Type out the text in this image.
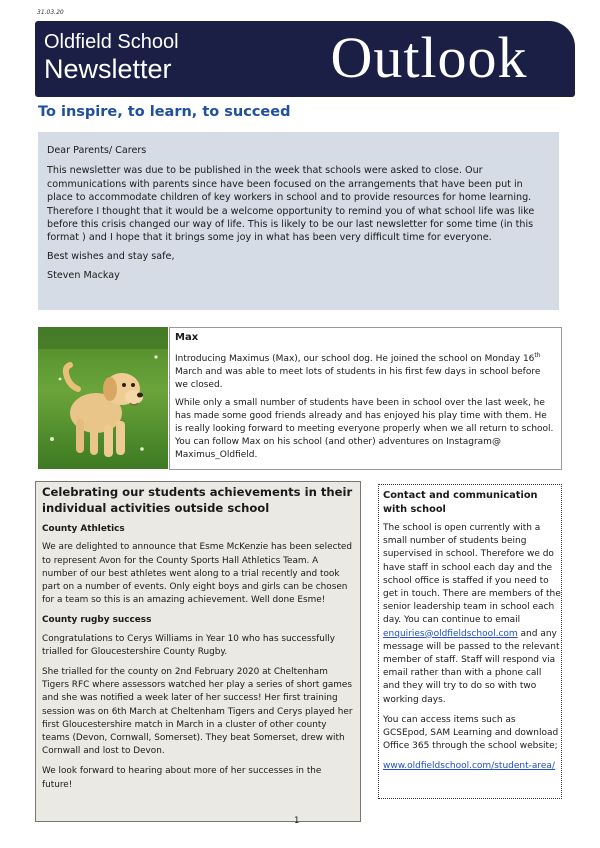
31.03.20
Oldfield School
Newsletter	Outlook
To inspire, to learn, to succeed

Dear Parents/ Carers

This newsletter was due to be published in the week that schools were asked to close. Our communications with parents since have been focused on the arrangements that have been put in place to accommodate children of key workers in school and to provide resources for home learning. Therefore I thought that it would be a welcome opportunity to remind you of what school life was like before this crisis changed our way of life. This is likely to be our last newsletter for some time (in this format ) and I hope that it brings some joy in what has been very difficult time for everyone.

Best wishes and stay safe,

Steven Mackay

Max

Introducing Maximus (Max), our school dog. He joined the school on Monday 16th March and was able to meet lots of students in his first few days in school before we closed.

While only a small number of students have been in school over the last week, he has made some good friends already and has enjoyed his play time with them. He is really looking forward to meeting everyone properly when we all return to school. You can follow Max on his school (and other) adventures on Instagram@ Maximus_Oldfield.

Celebrating our students achievements in their individual activities outside school
County Athletics

We are delighted to announce that Esme McKenzie has been selected to represent Avon for the County Sports Hall Athletics Team. A number of our best athletes went along to a trial recently and took part on a number of events. Only eight boys and girls can be chosen for a team so this is an amazing achievement. Well done Esme!

County rugby success

Congratulations to Cerys Williams in Year 10 who has successfully trialled for Gloucestershire County Rugby.

She trialled for the county on 2nd February 2020 at Cheltenham Tigers RFC where assessors watched her play a series of short games and she was notified a week later of her success! Her first training session was on 6th March at Cheltenham Tigers and Cerys played her first Gloucestershire match in March in a cluster of other county teams (Devon, Cornwall, Somerset). They beat Somerset, drew with Cornwall and lost to Devon.

We look forward to hearing about more of her successes in the future!

Contact and communication with school

The school is open currently with a small number of students being supervised in school. Therefore we do have staff in school each day and the school office is staffed if you need to get in touch. There are members of the senior leadership team in school each day. You can continue to email enquiries@oldfieldschool.com and any message will be passed to the relevant member of staff. Staff will respond via email rather than with a phone call and they will try to do so with two working days.

You can access items such as GCSEpod, SAM Learning and download Office 365 through the school website;

www.oldfieldschool.com/student-area/

1
